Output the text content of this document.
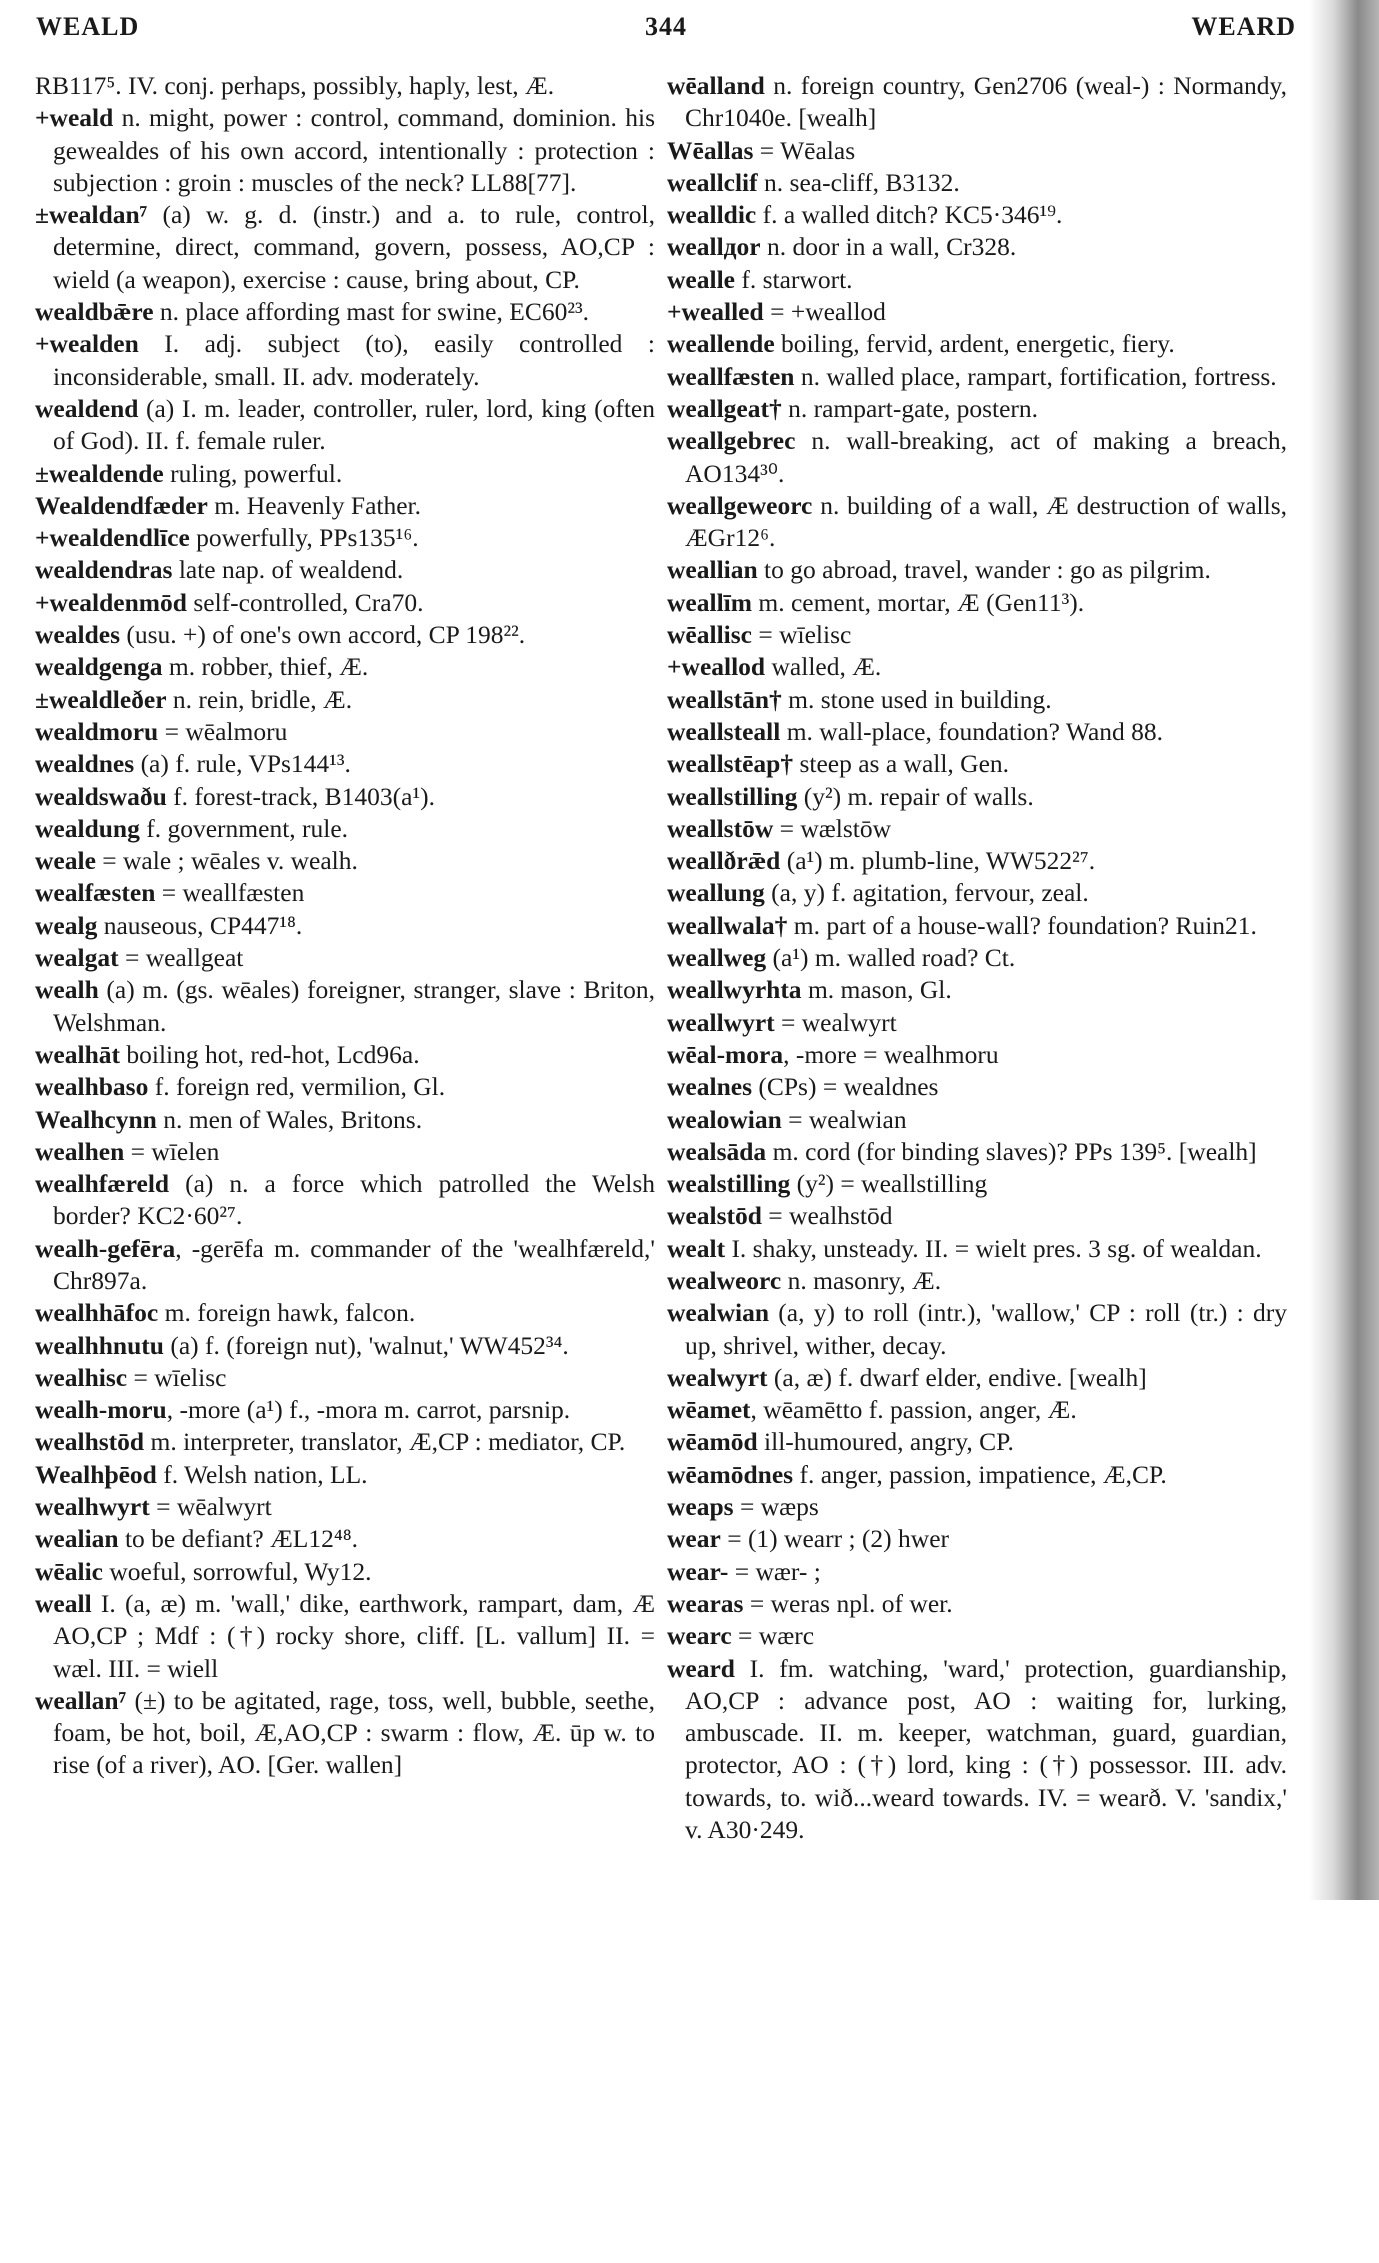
WEALD	344	WEARD

RB117⁵. IV. conj. perhaps, possibly, haply, lest, Æ.

+weald n. might, power : control, command, dominion. his gewealdes of his own accord, intentionally : protection : subjection : groin : muscles of the neck? LL88[77].

±wealdan⁷ (a) w. g. d. (instr.) and a. to rule, control, determine, direct, command, govern, possess, AO,CP : wield (a weapon), exercise : cause, bring about, CP.

wealdbǣre n. place affording mast for swine, EC60²³.

+wealden I. adj. subject (to), easily controlled : inconsiderable, small. II. adv. moderately.

wealdend (a) I. m. leader, controller, ruler, lord, king (often of God). II. f. female ruler.

±wealdende ruling, powerful.

Wealdendfæder m. Heavenly Father.

+wealdendlīce powerfully, PPs135¹⁶.

wealdendras late nap. of wealdend.

+wealdenmōd self-controlled, Cra70.

wealdes (usu. +) of one's own accord, CP 198²².

wealdgenga m. robber, thief, Æ.

±wealdleðer n. rein, bridle, Æ.

wealdmoru = wēalmoru

wealdnes (a) f. rule, VPs144¹³.

wealdswaðu f. forest-track, B1403(a¹).

wealdung f. government, rule.

weale = wale ; wēales v. wealh.

wealfæsten = weallfæsten

wealg nauseous, CP447¹⁸.

wealgat = weallgeat

wealh (a) m. (gs. wēales) foreigner, stranger, slave : Briton, Welshman.

wealhāt boiling hot, red-hot, Lcd96a.

wealhbaso f. foreign red, vermilion, Gl.

Wealhcynn n. men of Wales, Britons.

wealhen = wīelen

wealhfæreld (a) n. a force which patrolled the Welsh border? KC2·60²⁷.

wealh-gefēra, -gerēfa m. commander of the 'wealhfæreld,' Chr897a.

wealhhāfoc m. foreign hawk, falcon.

wealhhnutu (a) f. (foreign nut), 'walnut,' WW452³⁴.

wealhisc = wīelisc

wealh-moru, -more (a¹) f., -mora m. carrot, parsnip.

wealhstōd m. interpreter, translator, Æ,CP : mediator, CP.

Wealhþēod f. Welsh nation, LL.

wealhwyrt = wēalwyrt

wealian to be defiant? ÆL12⁴⁸.

wēalic woeful, sorrowful, Wy12.

weall I. (a, æ) m. 'wall,' dike, earthwork, rampart, dam, Æ AO,CP ; Mdf : (†) rocky shore, cliff. [L. vallum] II. = wæl. III. = wiell

weallan⁷ (±) to be agitated, rage, toss, well, bubble, seethe, foam, be hot, boil, Æ,AO,CP : swarm : flow, Æ. ūp w. to rise (of a river), AO. [Ger. wallen]

wēalland n. foreign country, Gen2706 (weal-) : Normandy, Chr1040e. [wealh]

Wēallas = Wēalas

weallclif n. sea-cliff, B3132.

wealldic f. a walled ditch? KC5·346¹⁹.

weallдor n. door in a wall, Cr328.

wealle f. starwort.

+wealled = +weallod

weallende boiling, fervid, ardent, energetic, fiery.

weallfæsten n. walled place, rampart, fortification, fortress.

weallgeat† n. rampart-gate, postern.

weallgebrec n. wall-breaking, act of making a breach, AO134³⁰.

weallgeweorc n. building of a wall, Æ destruction of walls, ÆGr12⁶.

weallian to go abroad, travel, wander : go as pilgrim.

weallīm m. cement, mortar, Æ (Gen11³).

wēallisc = wīelisc

+weallod walled, Æ.

weallstān† m. stone used in building.

weallsteall m. wall-place, foundation? Wand 88.

weallstēap† steep as a wall, Gen.

weallstilling (y²) m. repair of walls.

weallstōw = wælstōw

weallðrǣd (a¹) m. plumb-line, WW522²⁷.

weallung (a, y) f. agitation, fervour, zeal.

weallwala† m. part of a house-wall? foundation? Ruin21.

weallweg (a¹) m. walled road? Ct.

weallwyrhta m. mason, Gl.

weallwyrt = wealwyrt

wēal-mora, -more = wealhmoru

wealnes (CPs) = wealdnes

wealowian = wealwian

wealsāda m. cord (for binding slaves)? PPs 139⁵. [wealh]

wealstilling (y²) = weallstilling

wealstōd = wealhstōd

wealt I. shaky, unsteady. II. = wielt pres. 3 sg. of wealdan.

wealweorc n. masonry, Æ.

wealwian (a, y) to roll (intr.), 'wallow,' CP : roll (tr.) : dry up, shrivel, wither, decay.

wealwyrt (a, æ) f. dwarf elder, endive. [wealh]

wēamet, wēamētto f. passion, anger, Æ.

wēamōd ill-humoured, angry, CP.

wēamōdnes f. anger, passion, impatience, Æ,CP.

weaps = wæps

wear = (1) wearr ; (2) hwer

wear- = wær- ;

wearas = weras npl. of wer.

wearc = wærc

weard I. fm. watching, 'ward,' protection, guardianship, AO,CP : advance post, AO : waiting for, lurking, ambuscade. II. m. keeper, watchman, guard, guardian, protector, AO : (†) lord, king : (†) possessor. III. adv. towards, to. wið...weard towards. IV. = wearð. V. 'sandix,' v. A30·249.
